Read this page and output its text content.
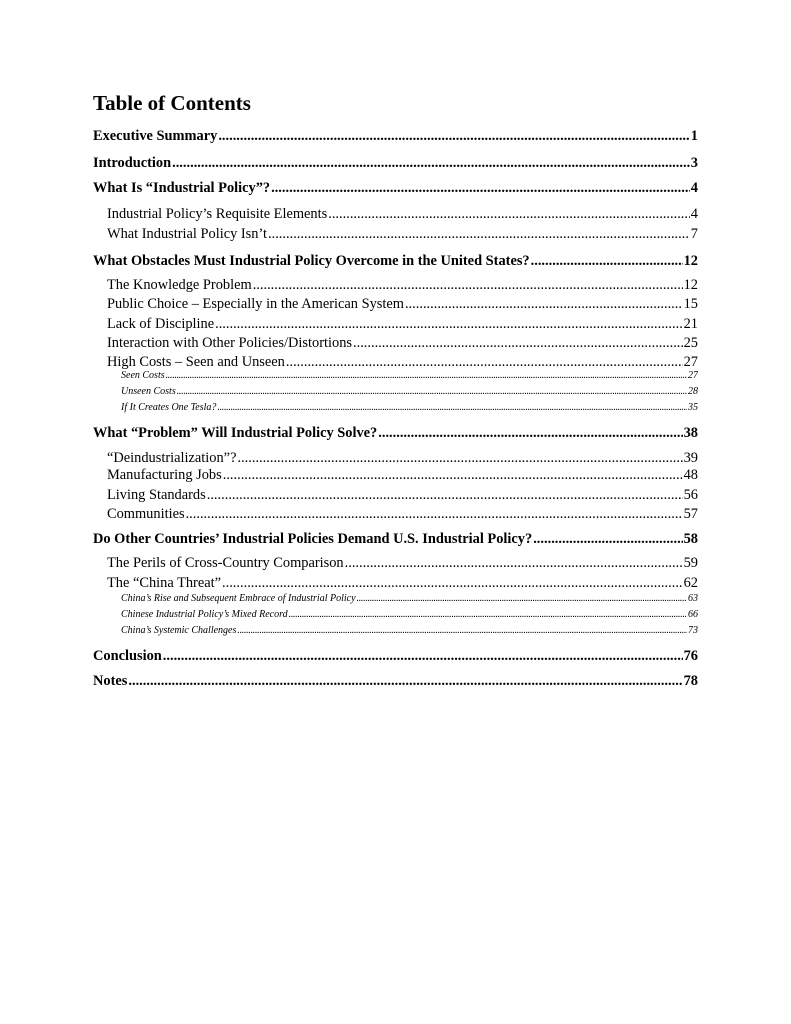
Table of Contents
Executive Summary .....	1
Introduction .....	3
What Is “Industrial Policy”? .....	4
Industrial Policy’s Requisite Elements .....	4
What Industrial Policy Isn’t .....	7
What Obstacles Must Industrial Policy Overcome in the United States? .....	12
The Knowledge Problem .....	12
Public Choice – Especially in the American System .....	15
Lack of Discipline .....	21
Interaction with Other Policies/Distortions .....	25
High Costs – Seen and Unseen .....	27
Seen Costs .....	27
Unseen Costs .....	28
If It Creates One Tesla? .....	35
What “Problem” Will Industrial Policy Solve? .....	38
“Deindustrialization”? .....	39
Manufacturing Jobs .....	48
Living Standards .....	56
Communities .....	57
Do Other Countries’ Industrial Policies Demand U.S. Industrial Policy? .....	58
The Perils of Cross-Country Comparison .....	59
The “China Threat” .....	62
China’s Rise and Subsequent Embrace of Industrial Policy .....	63
Chinese Industrial Policy’s Mixed Record .....	66
China’s Systemic Challenges .....	73
Conclusion .....	76
Notes .....	78
